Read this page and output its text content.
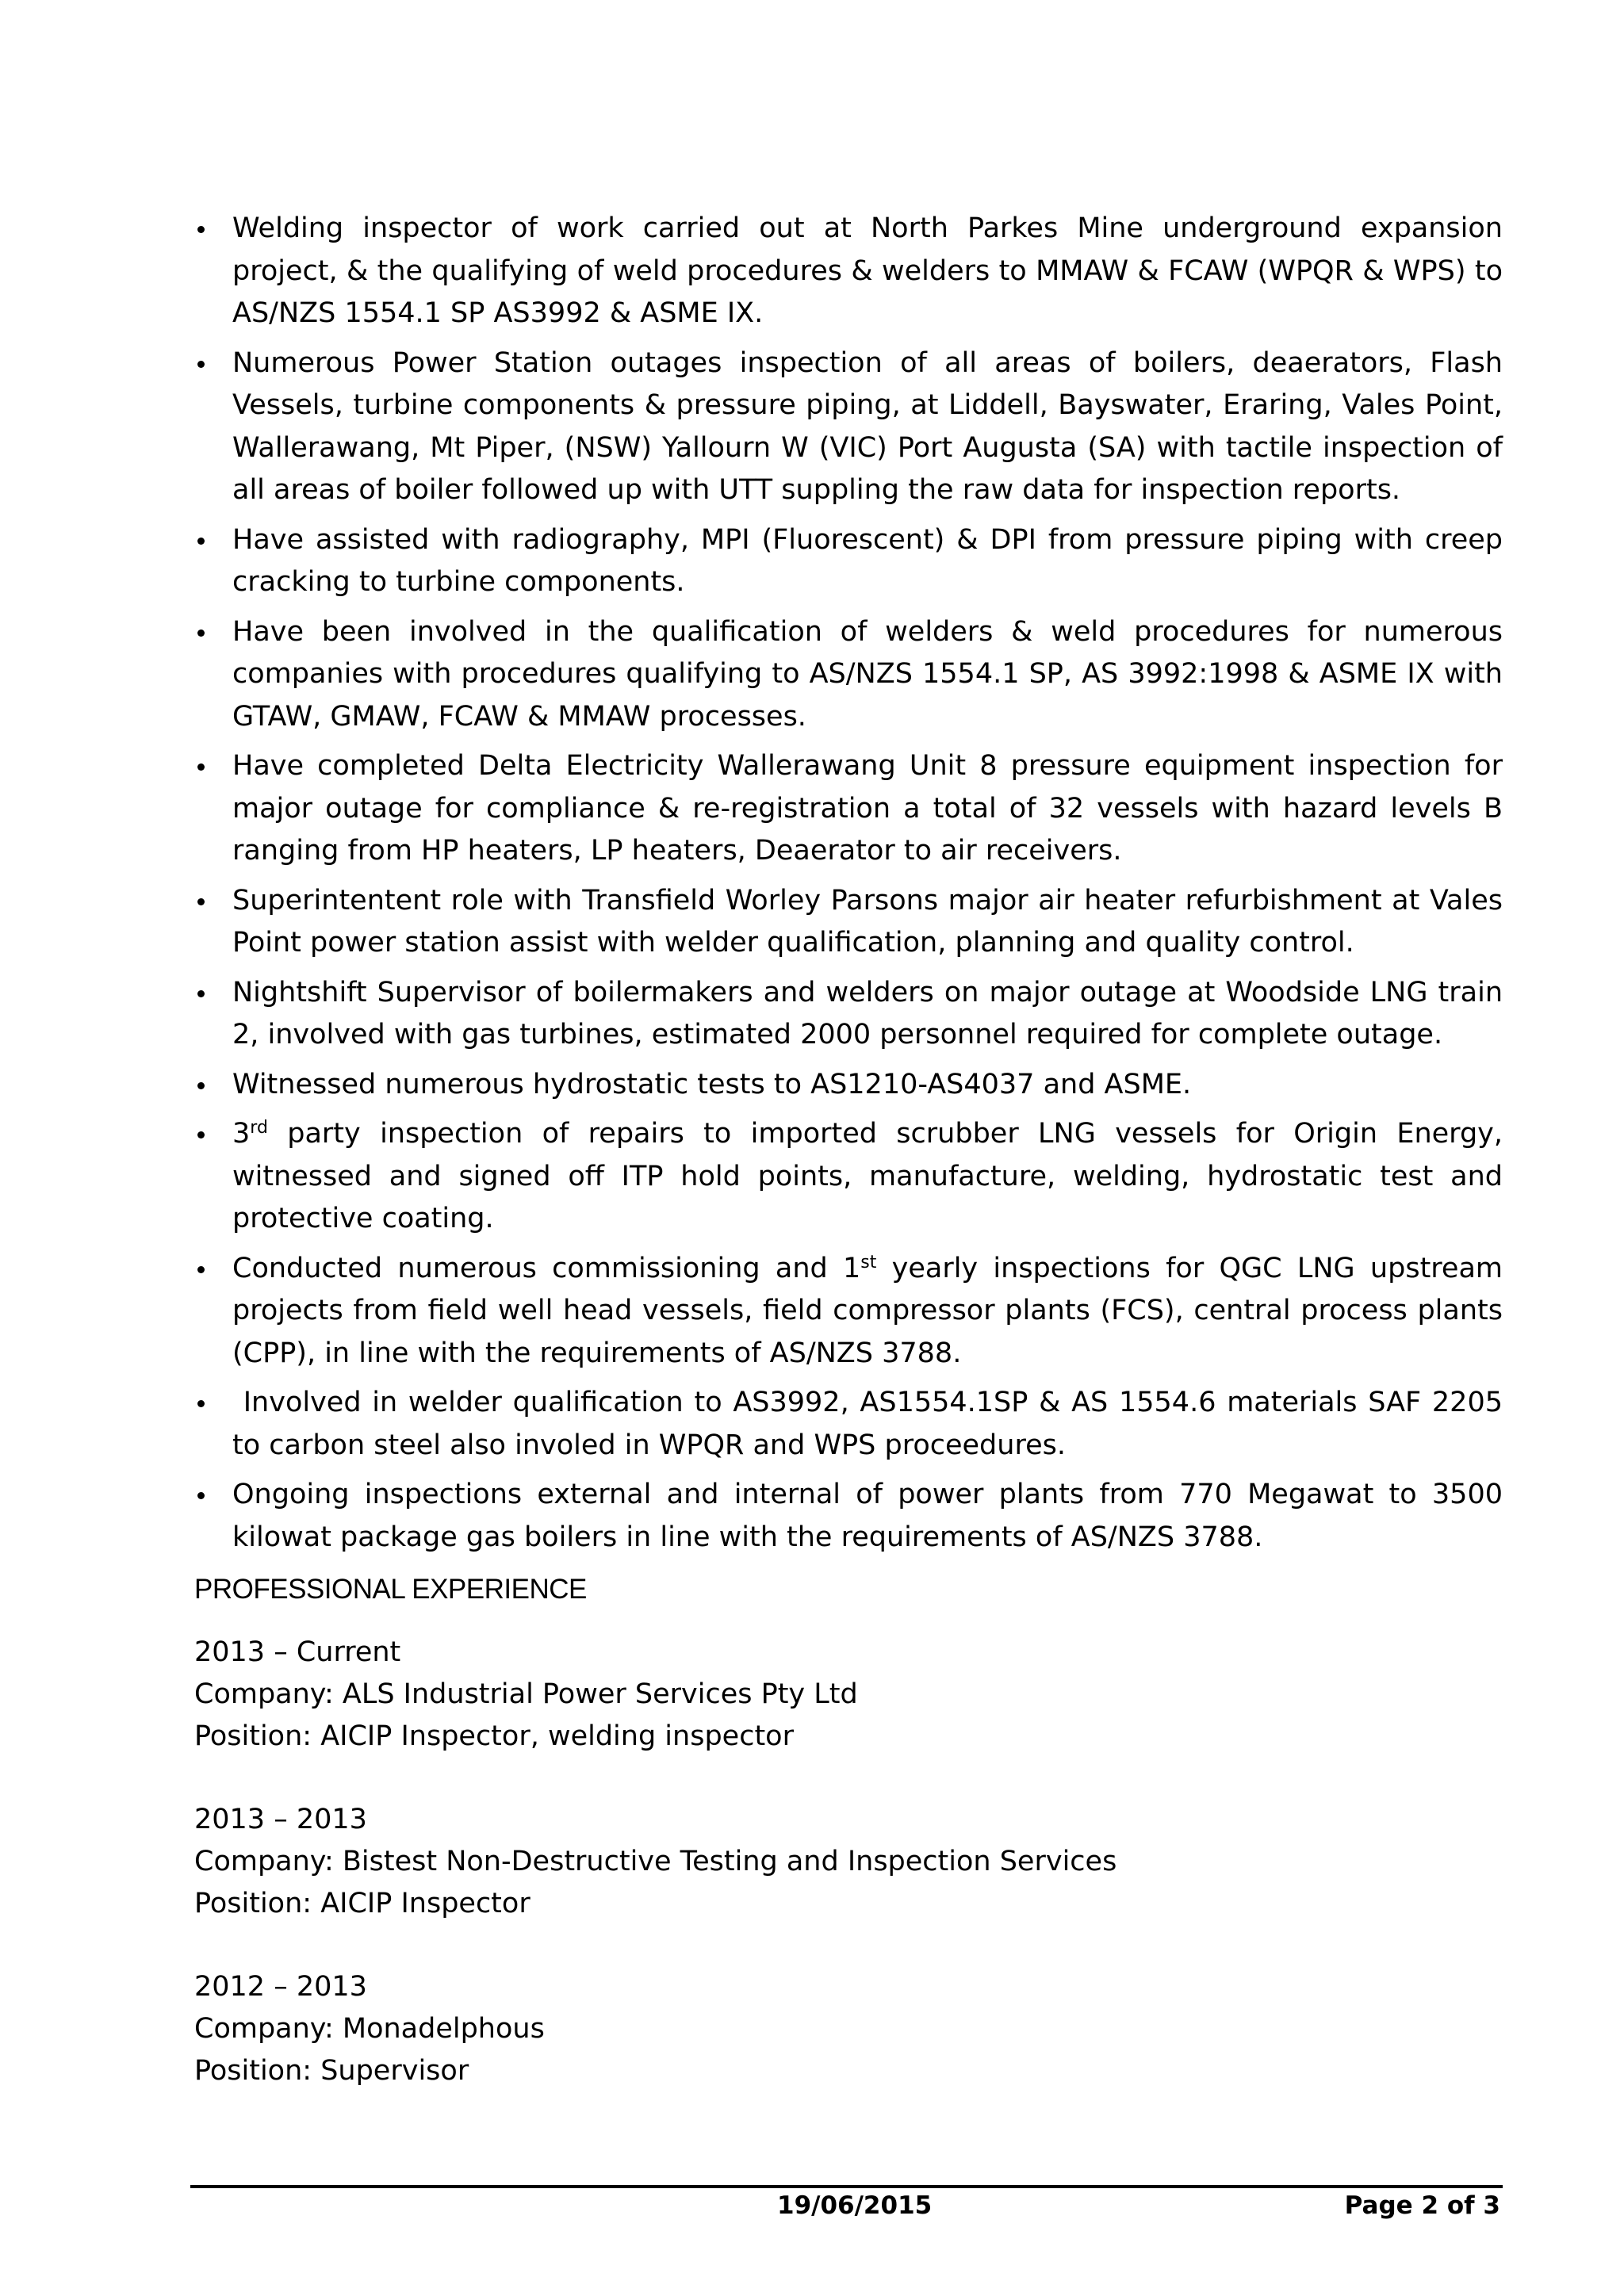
Welding inspector of work carried out at North Parkes Mine underground expansion project, & the qualifying of weld procedures & welders to MMAW & FCAW (WPQR & WPS) to AS/NZS 1554.1 SP AS3992 & ASME IX.
Numerous Power Station outages inspection of all areas of boilers, deaerators, Flash Vessels, turbine components & pressure piping, at Liddell, Bayswater, Eraring, Vales Point, Wallerawang, Mt Piper, (NSW) Yallourn W (VIC) Port Augusta (SA) with tactile inspection of all areas of boiler followed up with UTT suppling the raw data for inspection reports.
Have assisted with radiography, MPI (Fluorescent) & DPI from pressure piping with creep cracking to turbine components.
Have been involved in the qualification of welders & weld procedures for numerous companies with procedures qualifying to AS/NZS 1554.1 SP, AS 3992:1998 & ASME IX with GTAW, GMAW, FCAW & MMAW processes.
Have completed Delta Electricity Wallerawang Unit 8 pressure equipment inspection for major outage for compliance & re-registration a total of 32 vessels with hazard levels B ranging from HP heaters, LP heaters, Deaerator to air receivers.
Superintentent role with Transfield Worley Parsons major air heater refurbishment at Vales Point power station assist with welder qualification, planning and quality control.
Nightshift Supervisor of boilermakers and welders on major outage at Woodside LNG train 2, involved with gas turbines, estimated 2000 personnel required for complete outage.
Witnessed numerous hydrostatic tests to AS1210-AS4037 and ASME.
3rd party inspection of repairs to imported scrubber LNG vessels for Origin Energy, witnessed and signed off ITP hold points, manufacture, welding, hydrostatic test and protective coating.
Conducted numerous commissioning and 1st yearly inspections for QGC LNG upstream projects from field well head vessels, field compressor plants (FCS), central process plants (CPP), in line with the requirements of AS/NZS 3788.
Involved in welder qualification to AS3992, AS1554.1SP & AS 1554.6 materials SAF 2205 to carbon steel also involed in WPQR and WPS proceedures.
Ongoing inspections external and internal of power plants from 770 Megawat to 3500 kilowat package gas boilers in line with the requirements of AS/NZS 3788.
PROFESSIONAL EXPERIENCE
2013 – Current
Company: ALS Industrial Power Services Pty Ltd
Position: AICIP Inspector, welding inspector
2013 – 2013
Company: Bistest Non-Destructive Testing and Inspection Services
Position: AICIP Inspector
2012 – 2013
Company: Monadelphous
Position: Supervisor
19/06/2015	Page 2 of 3
